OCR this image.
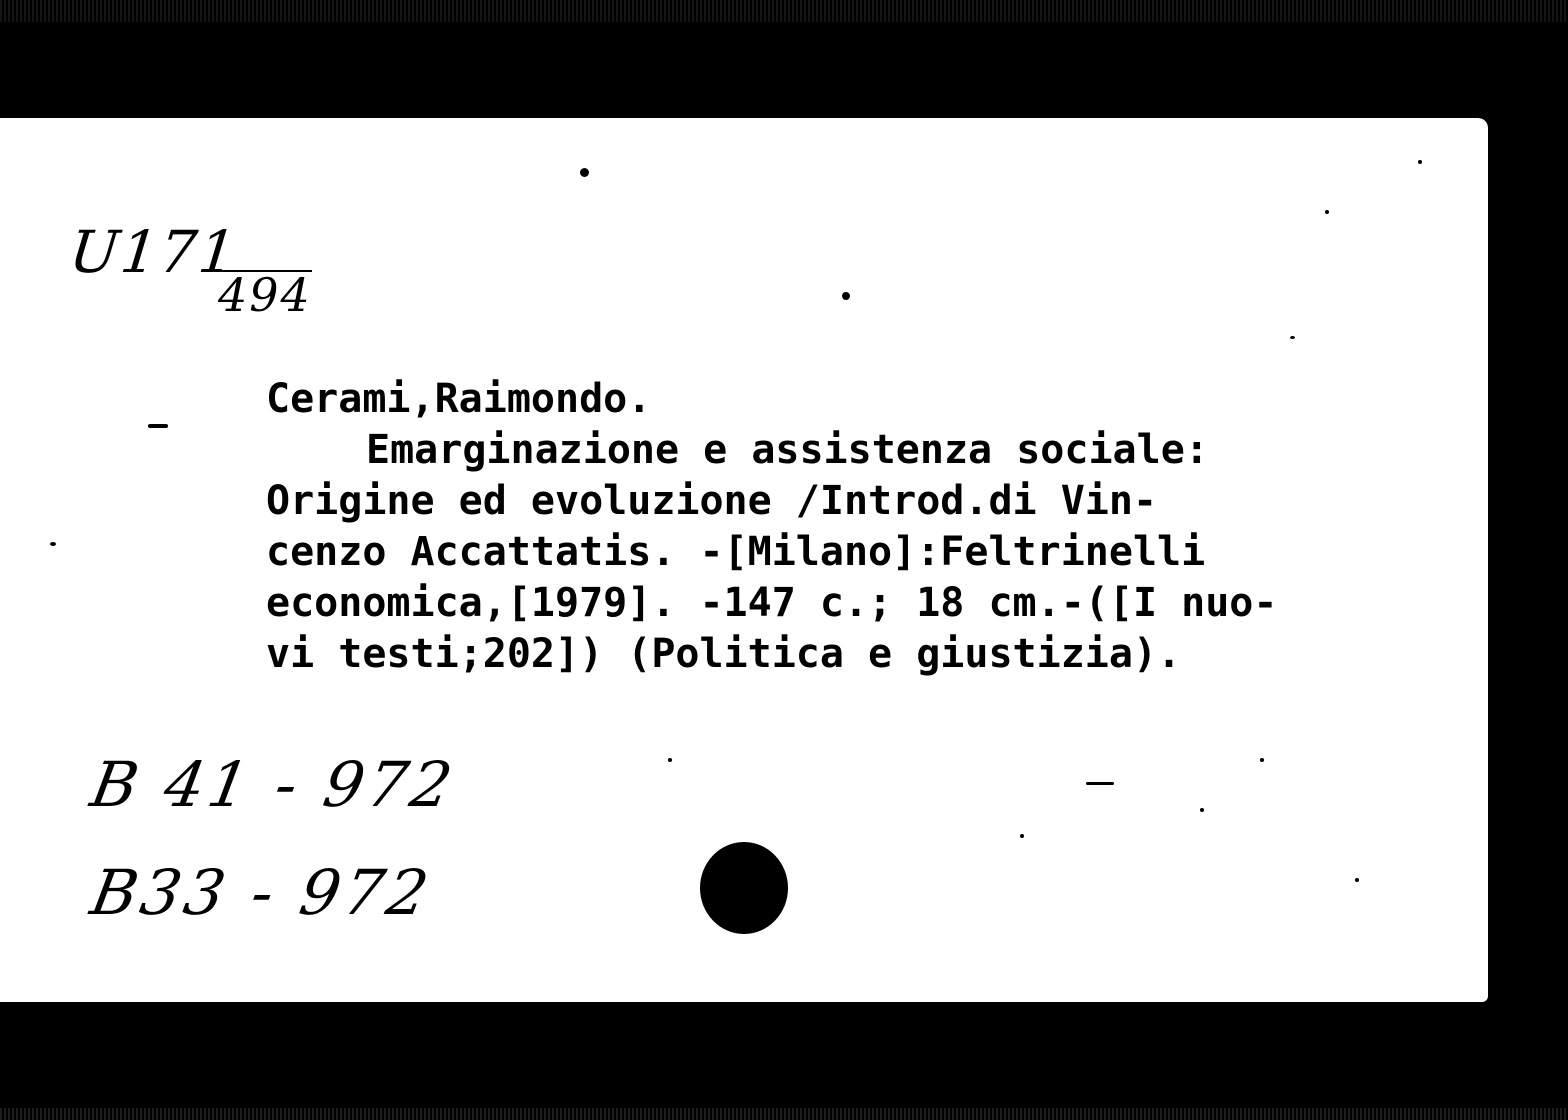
U171

494

Cerami,Raimondo.
Emarginazione e assistenza sociale:
Origine ed evoluzione /Introd.di Vin-
cenzo Accattatis. -[Milano]:Feltrinelli
economica,[1979]. -147 c.; 18 cm.-([I nuo-
vi testi;202]) (Politica e giustizia).

B 41 - 972

B33 - 972
